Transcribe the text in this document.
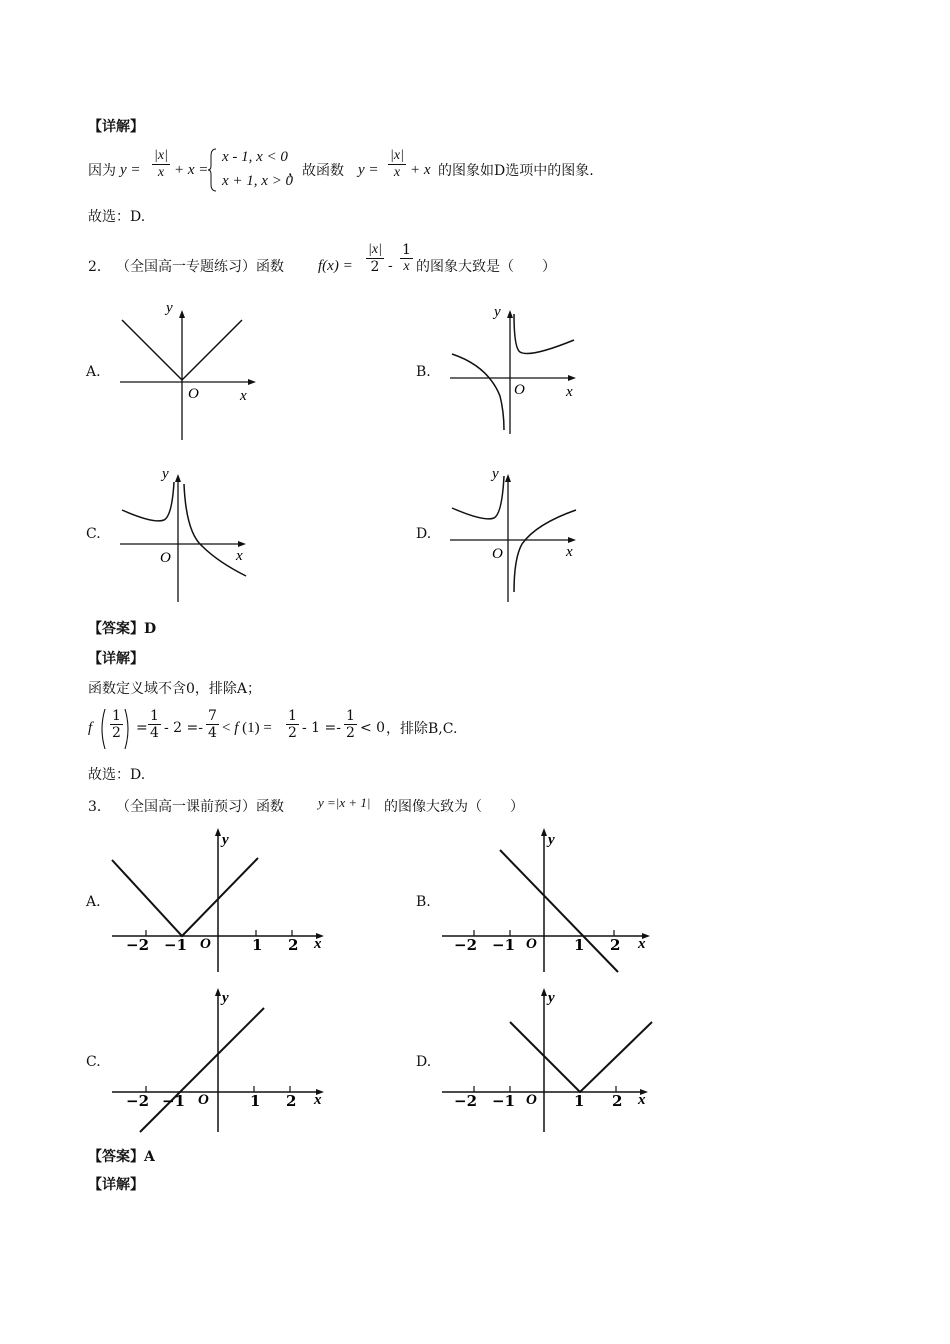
【详解】
因为 $y = \frac{|x|}{x} + x$ =
x - 1, x < 0
x + 1, x > 0
，故函数 $y = \frac{|x|}{x} + x$ 的图象如D选项中的图象.
故选：D.
2． （全国高一专题练习）函数 $f(x) = \frac{|x|}{2} - \frac{1}{x}$ 的图象大致是（　　）
A.
y
O	x
B.
y
O	x
C.
y
O	x
D.
y
O	x
【答案】D
【详解】
函数定义域不含0，排除A；
f $\frac{1}{2} = \frac{1}{4} - 2 =- \frac{7}{4} < f$ $(1) = \frac{1}{2} - 1 =- \frac{1}{2} < 0$ ，排除B,C.
故选：D.
3． （全国高一课前预习）函数	y =|x + 1| 的图像大致为（　　）
A.
y
−2 −1 O	1 2 x
B.
y
−2 −1 O 1 2 x
C.
y
−2 −1 O	1 2 x
D.
y
−2 −1 O 1 2 x
【答案】A
【详解】
